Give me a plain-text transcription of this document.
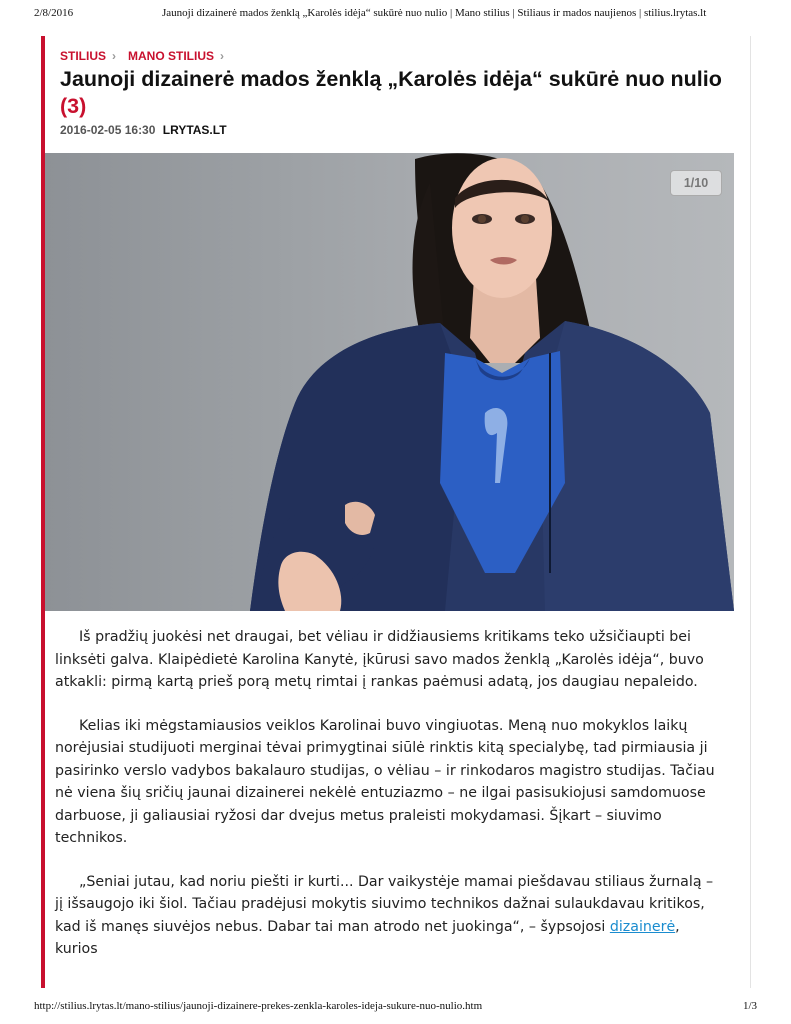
2/8/2016	Jaunoji dizainerė mados ženklą „Karolės idėja“ sukūrė nuo nulio | Mano stilius | Stiliaus ir mados naujienos | stilius.lrytas.lt
STILIUS › MANO STILIUS ›
Jaunoji dizainerė mados ženklą „Karolės idėja“ sukūrė nuo nulio (3)
2016-02-05 16:30 LRYTAS.LT
1/10

Iš pradžių juokėsi net draugai, bet vėliau ir didžiausiems kritikams teko užsičiaupti bei linksėti galva. Klaipėdietė Karolina Kanytė, įkūrusi savo mados ženklą „Karolės idėja“, buvo atkakli: pirmą kartą prieš porą metų rimtai į rankas paėmusi adatą, jos daugiau nepaleido.

Kelias iki mėgstamiausios veiklos Karolinai buvo vingiuotas. Meną nuo mokyklos laikų norėjusiai studijuoti merginai tėvai primygtinai siūlė rinktis kitą specialybę, tad pirmiausia ji pasirinko verslo vadybos bakalauro studijas, o vėliau – ir rinkodaros magistro studijas. Tačiau nė viena šių sričių jaunai dizainerei nekėlė entuziazmo – ne ilgai pasisukiojusi samdomuose darbuose, ji galiausiai ryžosi dar dvejus metus praleisti mokydamasi. Šįkart – siuvimo technikos.

„Seniai jutau, kad noriu piešti ir kurti... Dar vaikystėje mamai piešdavau stiliaus žurnalą – jį išsaugojo iki šiol. Tačiau pradėjusi mokytis siuvimo technikos dažnai sulaukdavau kritikos, kad iš manęs siuvėjos nebus. Dabar tai man atrodo net juokinga“, – šypsojosi dizainerė, kurios

http://stilius.lrytas.lt/mano-stilius/jaunoji-dizainere-prekes-zenkla-karoles-ideja-sukure-nuo-nulio.htm	1/3
